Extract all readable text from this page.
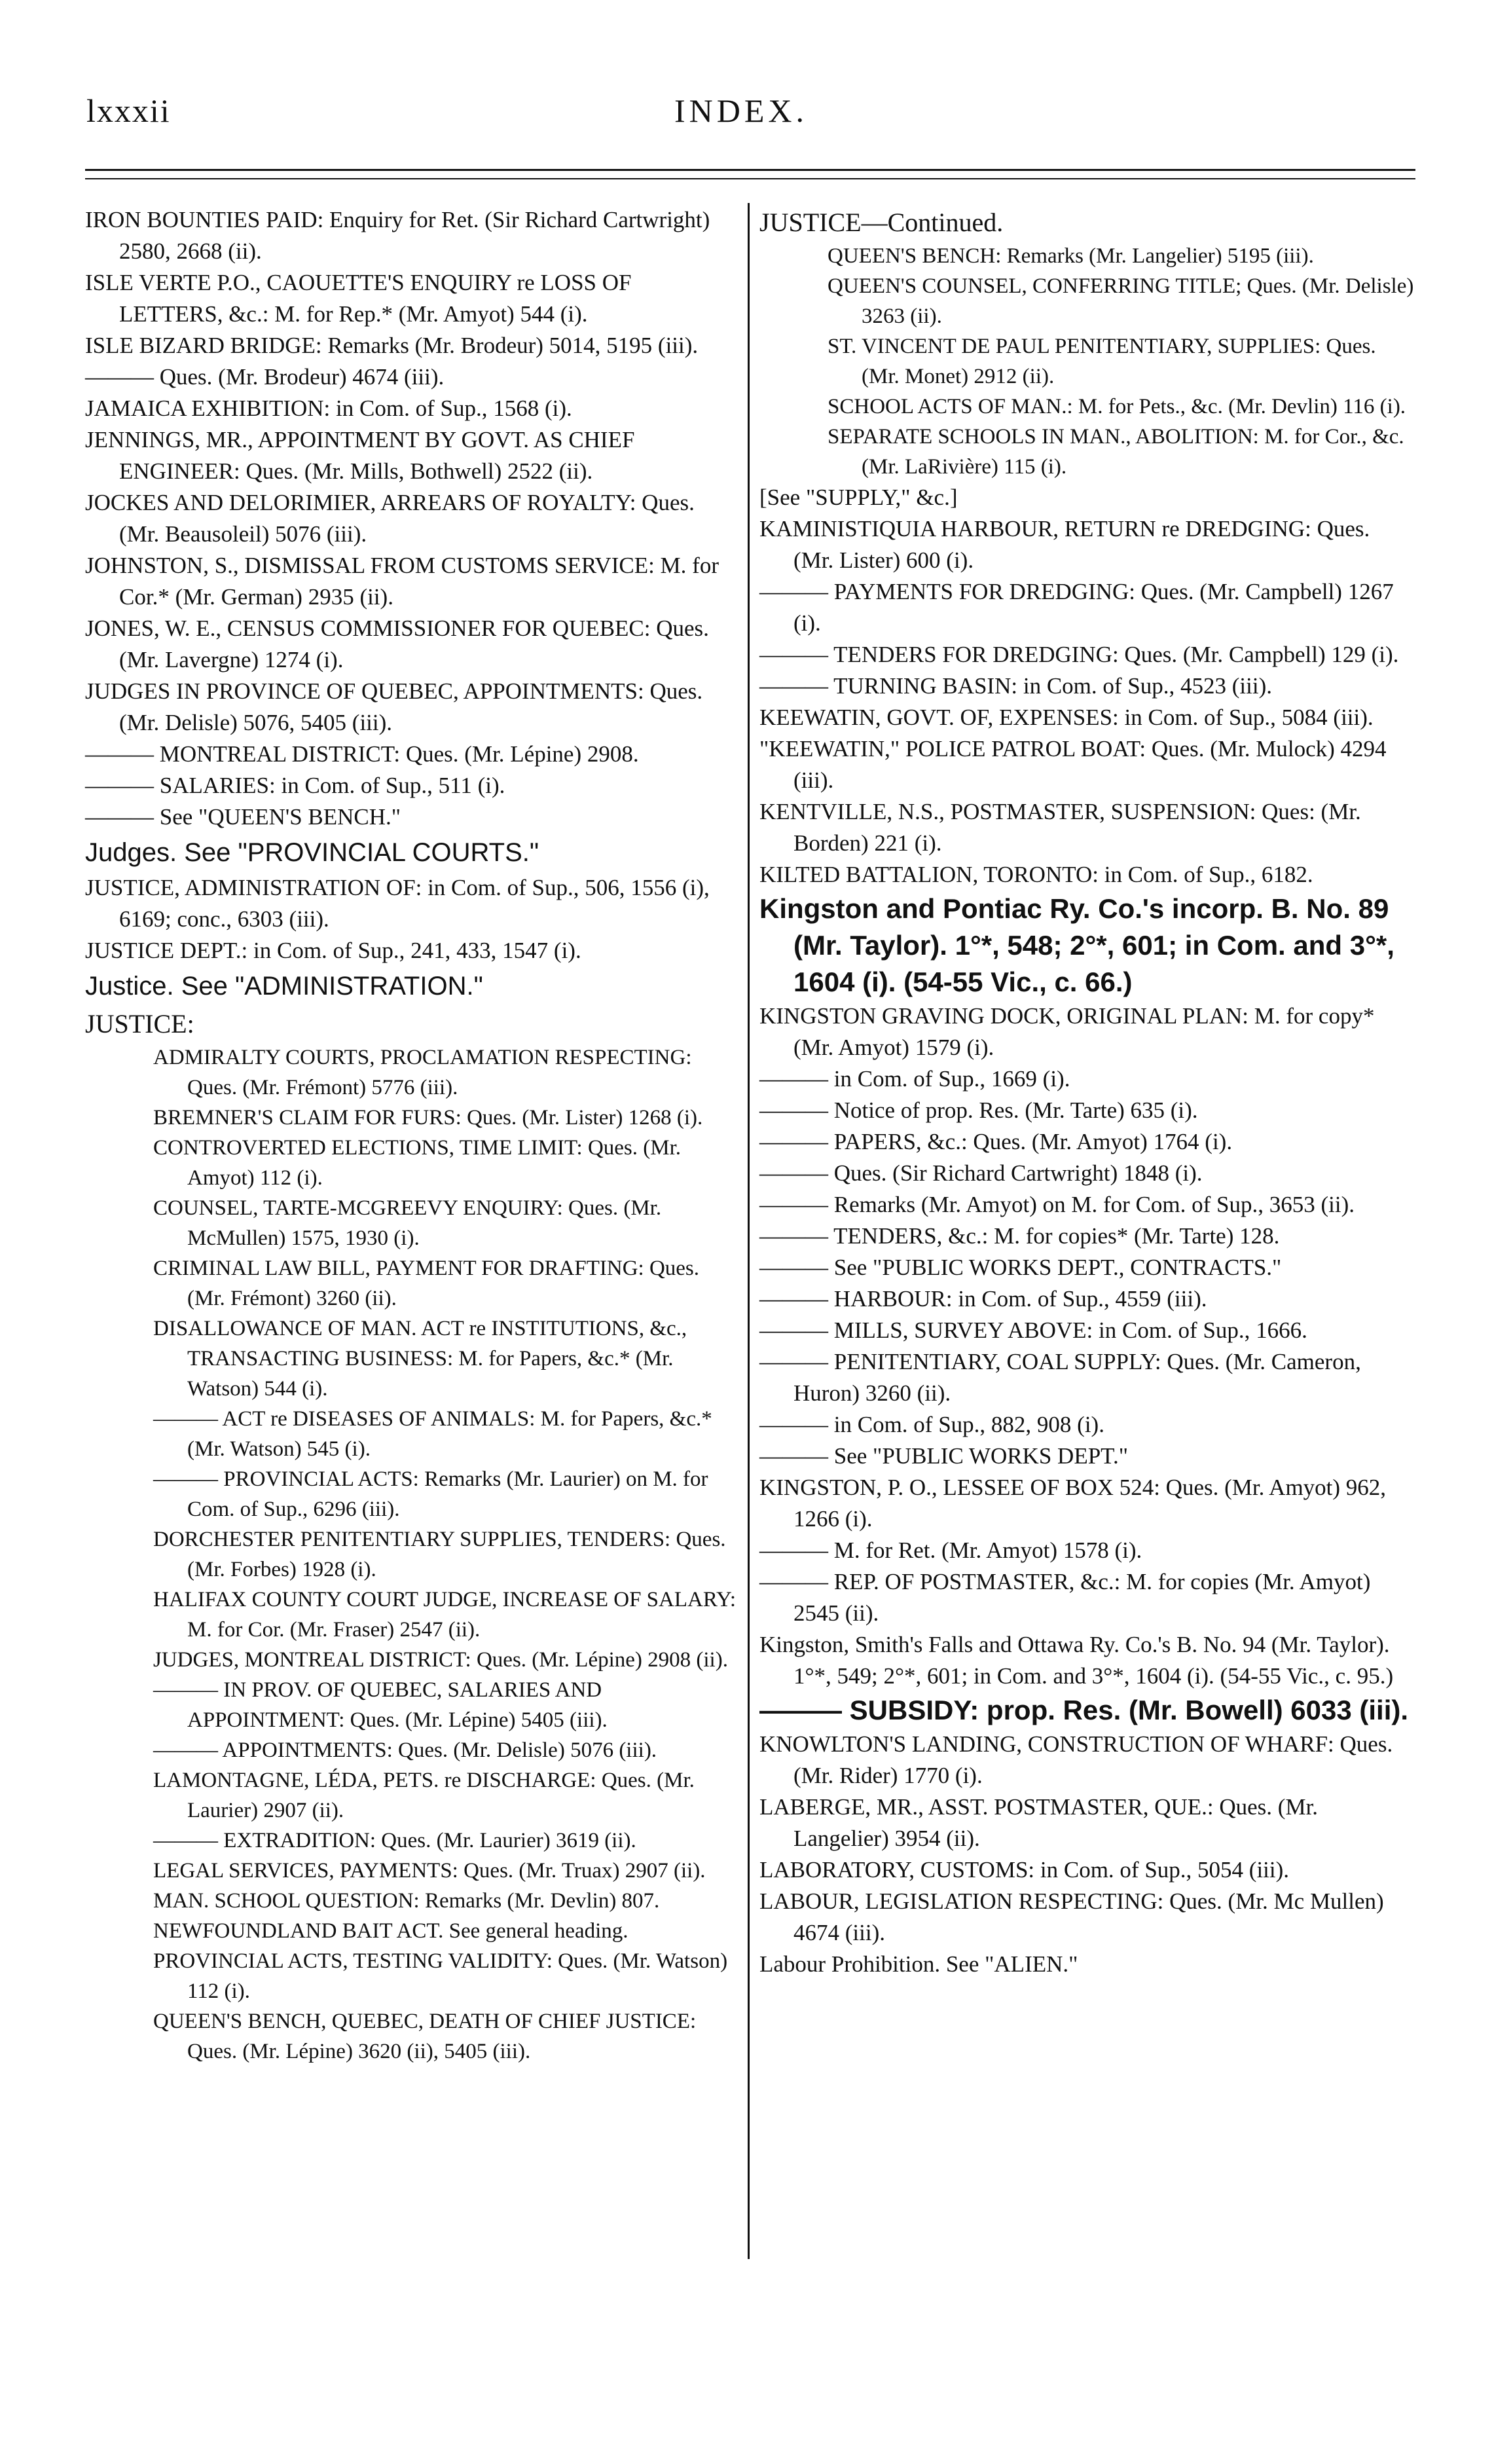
lxxxii	INDEX.

IRON BOUNTIES PAID: Enquiry for Ret. (Sir Richard Cartwright) 2580, 2668 (ii).

ISLE VERTE P.O., CAOUETTE'S ENQUIRY re LOSS OF LETTERS, &c.: M. for Rep.* (Mr. Amyot) 544 (i).

ISLE BIZARD BRIDGE: Remarks (Mr. Brodeur) 5014, 5195 (iii).

——— Ques. (Mr. Brodeur) 4674 (iii).

JAMAICA EXHIBITION: in Com. of Sup., 1568 (i).

JENNINGS, MR., APPOINTMENT BY GOVT. AS CHIEF ENGINEER: Ques. (Mr. Mills, Bothwell) 2522 (ii).

JOCKES AND DELORIMIER, ARREARS OF ROYALTY: Ques. (Mr. Beausoleil) 5076 (iii).

JOHNSTON, S., DISMISSAL FROM CUSTOMS SERVICE: M. for Cor.* (Mr. German) 2935 (ii).

JONES, W. E., CENSUS COMMISSIONER FOR QUEBEC: Ques. (Mr. Lavergne) 1274 (i).

JUDGES IN PROVINCE OF QUEBEC, APPOINTMENTS: Ques. (Mr. Delisle) 5076, 5405 (iii).

——— MONTREAL DISTRICT: Ques. (Mr. Lépine) 2908.

——— SALARIES: in Com. of Sup., 511 (i).

——— See "QUEEN'S BENCH."

Judges. See "PROVINCIAL COURTS."

JUSTICE, ADMINISTRATION OF: in Com. of Sup., 506, 1556 (i), 6169; conc., 6303 (iii).

JUSTICE DEPT.: in Com. of Sup., 241, 433, 1547 (i).

Justice. See "ADMINISTRATION."

JUSTICE:

ADMIRALTY COURTS, PROCLAMATION RESPECTING: Ques. (Mr. Frémont) 5776 (iii).

BREMNER'S CLAIM FOR FURS: Ques. (Mr. Lister) 1268 (i).

CONTROVERTED ELECTIONS, TIME LIMIT: Ques. (Mr. Amyot) 112 (i).

COUNSEL, TARTE-MCGREEVY ENQUIRY: Ques. (Mr. McMullen) 1575, 1930 (i).

CRIMINAL LAW BILL, PAYMENT FOR DRAFTING: Ques. (Mr. Frémont) 3260 (ii).

DISALLOWANCE OF MAN. ACT re INSTITUTIONS, &c., TRANSACTING BUSINESS: M. for Papers, &c.* (Mr. Watson) 544 (i).

——— ACT re DISEASES OF ANIMALS: M. for Papers, &c.* (Mr. Watson) 545 (i).

——— PROVINCIAL ACTS: Remarks (Mr. Laurier) on M. for Com. of Sup., 6296 (iii).

DORCHESTER PENITENTIARY SUPPLIES, TENDERS: Ques. (Mr. Forbes) 1928 (i).

HALIFAX COUNTY COURT JUDGE, INCREASE OF SALARY: M. for Cor. (Mr. Fraser) 2547 (ii).

JUDGES, MONTREAL DISTRICT: Ques. (Mr. Lépine) 2908 (ii).

——— IN PROV. OF QUEBEC, SALARIES AND APPOINTMENT: Ques. (Mr. Lépine) 5405 (iii).

——— APPOINTMENTS: Ques. (Mr. Delisle) 5076 (iii).

LAMONTAGNE, LÉDA, PETS. re DISCHARGE: Ques. (Mr. Laurier) 2907 (ii).

——— EXTRADITION: Ques. (Mr. Laurier) 3619 (ii).

LEGAL SERVICES, PAYMENTS: Ques. (Mr. Truax) 2907 (ii).

MAN. SCHOOL QUESTION: Remarks (Mr. Devlin) 807.

NEWFOUNDLAND BAIT ACT. See general heading.

PROVINCIAL ACTS, TESTING VALIDITY: Ques. (Mr. Watson) 112 (i).

QUEEN'S BENCH, QUEBEC, DEATH OF CHIEF JUSTICE: Ques. (Mr. Lépine) 3620 (ii), 5405 (iii).

JUSTICE—Continued.

QUEEN'S BENCH: Remarks (Mr. Langelier) 5195 (iii).

QUEEN'S COUNSEL, CONFERRING TITLE; Ques. (Mr. Delisle) 3263 (ii).

ST. VINCENT DE PAUL PENITENTIARY, SUPPLIES: Ques. (Mr. Monet) 2912 (ii).

SCHOOL ACTS OF MAN.: M. for Pets., &c. (Mr. Devlin) 116 (i).

SEPARATE SCHOOLS IN MAN., ABOLITION: M. for Cor., &c. (Mr. LaRivière) 115 (i).

[See "SUPPLY," &c.]

KAMINISTIQUIA HARBOUR, RETURN re DREDGING: Ques. (Mr. Lister) 600 (i).

——— PAYMENTS FOR DREDGING: Ques. (Mr. Campbell) 1267 (i).

——— TENDERS FOR DREDGING: Ques. (Mr. Campbell) 129 (i).

——— TURNING BASIN: in Com. of Sup., 4523 (iii).

KEEWATIN, GOVT. OF, EXPENSES: in Com. of Sup., 5084 (iii).

"KEEWATIN," POLICE PATROL BOAT: Ques. (Mr. Mulock) 4294 (iii).

KENTVILLE, N.S., POSTMASTER, SUSPENSION: Ques: (Mr. Borden) 221 (i).

KILTED BATTALION, TORONTO: in Com. of Sup., 6182.

Kingston and Pontiac Ry. Co.'s incorp. B. No. 89 (Mr. Taylor). 1°*, 548; 2°*, 601; in Com. and 3°*, 1604 (i). (54-55 Vic., c. 66.)

KINGSTON GRAVING DOCK, ORIGINAL PLAN: M. for copy* (Mr. Amyot) 1579 (i).

——— in Com. of Sup., 1669 (i).

——— Notice of prop. Res. (Mr. Tarte) 635 (i).

——— PAPERS, &c.: Ques. (Mr. Amyot) 1764 (i).

——— Ques. (Sir Richard Cartwright) 1848 (i).

——— Remarks (Mr. Amyot) on M. for Com. of Sup., 3653 (ii).

——— TENDERS, &c.: M. for copies* (Mr. Tarte) 128.

——— See "PUBLIC WORKS DEPT., CONTRACTS."

——— HARBOUR: in Com. of Sup., 4559 (iii).

——— MILLS, SURVEY ABOVE: in Com. of Sup., 1666.

——— PENITENTIARY, COAL SUPPLY: Ques. (Mr. Cameron, Huron) 3260 (ii).

——— in Com. of Sup., 882, 908 (i).

——— See "PUBLIC WORKS DEPT."

KINGSTON, P. O., LESSEE OF BOX 524: Ques. (Mr. Amyot) 962, 1266 (i).

——— M. for Ret. (Mr. Amyot) 1578 (i).

——— REP. OF POSTMASTER, &c.: M. for copies (Mr. Amyot) 2545 (ii).

Kingston, Smith's Falls and Ottawa Ry. Co.'s B. No. 94 (Mr. Taylor). 1°*, 549; 2°*, 601; in Com. and 3°*, 1604 (i). (54-55 Vic., c. 95.)

——— SUBSIDY: prop. Res. (Mr. Bowell) 6033 (iii).

KNOWLTON'S LANDING, CONSTRUCTION OF WHARF: Ques. (Mr. Rider) 1770 (i).

LABERGE, MR., ASST. POSTMASTER, QUE.: Ques. (Mr. Langelier) 3954 (ii).

LABORATORY, CUSTOMS: in Com. of Sup., 5054 (iii).

LABOUR, LEGISLATION RESPECTING: Ques. (Mr. Mc Mullen) 4674 (iii).

Labour Prohibition. See "ALIEN."
